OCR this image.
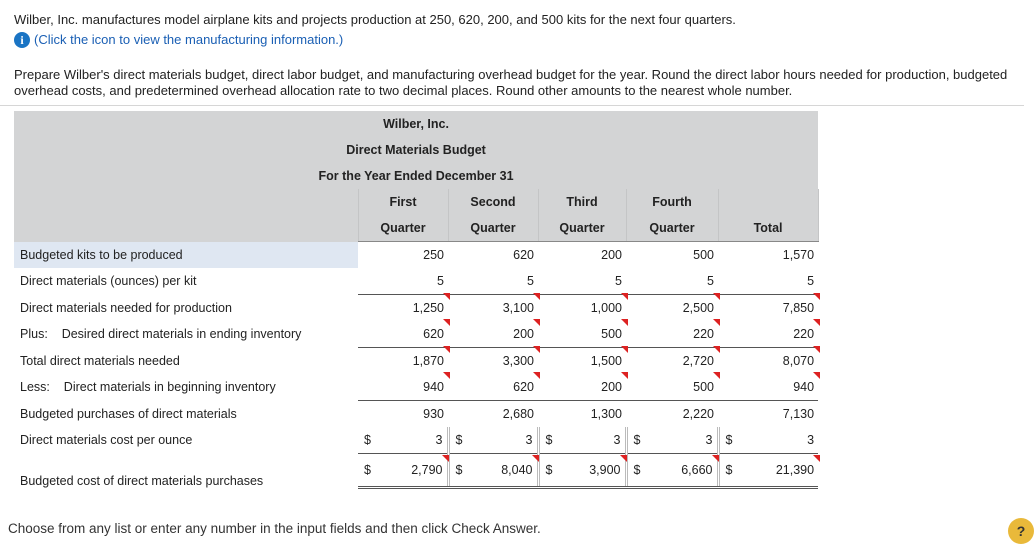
Wilber, Inc. manufactures model airplane kits and projects production at 250, 620, 200, and 500 kits for the next four quarters.
i (Click the icon to view the manufacturing information.)
Prepare Wilber's direct materials budget, direct labor budget, and manufacturing overhead budget for the year. Round the direct labor hours needed for production, budgeted overhead costs, and predetermined overhead allocation rate to two decimal places. Round other amounts to the nearest whole number.
Wilber, Inc.										
Direct Materials Budget										
For the Year Ended December 31										
	First		Second		Third		Fourth			
	Quarter		Quarter		Quarter		Quarter		Total	
Budgeted kits to be produced	250		620		200		500		1,570	
Direct materials (ounces) per kit		5		5		5		5		5
Direct materials needed for production	1,250		3,100		1,000		2,500		7,850	
Plus: Desired direct materials in ending inventory		620		200		500		220		220
Total direct materials needed	1,870		3,300		1,500		2,720		8,070	
Less: Direct materials in beginning inventory		940		620		200		500		940
Budgeted purchases of direct materials	930		2,680		1,300		2,220		7,130	
Direct materials cost per ounce	$	3	$	3	$	3	$	3	$	3
Budgeted cost of direct materials purchases	$	2,790	$	8,040	$	3,900	$	6,660	$	21,390
Choose from any list or enter any number in the input fields and then click Check Answer.	?
